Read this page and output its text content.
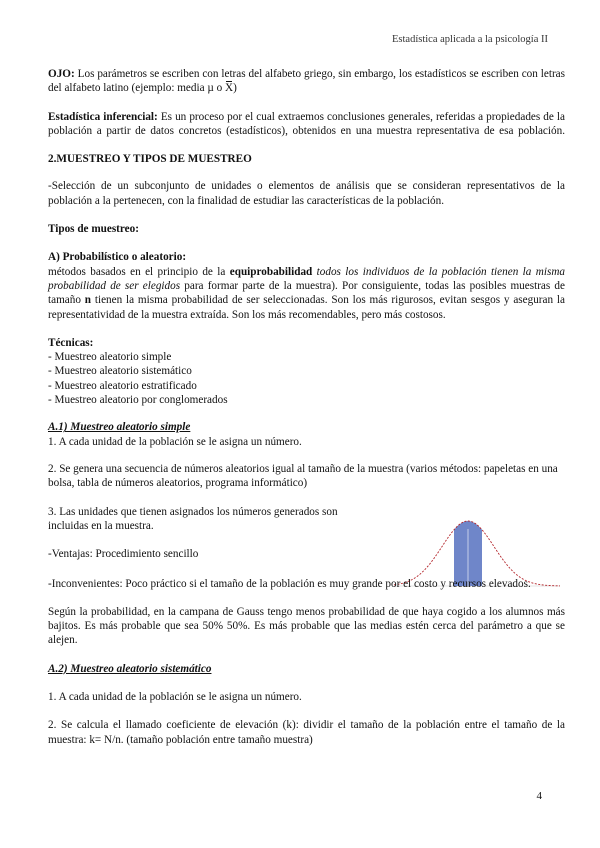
Estadística aplicada a la psicología II

OJO: Los parámetros se escriben con letras del alfabeto griego, sin embargo, los estadísticos se escriben con letras del alfabeto latino (ejemplo: media µ o X)

Estadística inferencial: Es un proceso por el cual extraemos conclusiones generales, referidas a propiedades de la población a partir de datos concretos (estadísticos), obtenidos en una muestra representativa de esa población.

2.MUESTREO Y TIPOS DE MUESTREO

-Selección de un subconjunto de unidades o elementos de análisis que se consideran representativos de la población a la pertenecen, con la finalidad de estudiar las características de la población.

Tipos de muestreo:

A) Probabilístico o aleatorio:

métodos basados en el principio de la equiprobabilidad todos los individuos de la población tienen la misma probabilidad de ser elegidos para formar parte de la muestra). Por consiguiente, todas las posibles muestras de tamaño n tienen la misma probabilidad de ser seleccionadas. Son los más rigurosos, evitan sesgos y aseguran la representatividad de la muestra extraída. Son los más recomendables, pero más costosos.

Técnicas:

- Muestreo aleatorio simple

- Muestreo aleatorio sistemático

- Muestreo aleatorio estratificado

- Muestreo aleatorio por conglomerados

A.1) Muestreo aleatorio simple

1. A cada unidad de la población se le asigna un número.

2. Se genera una secuencia de números aleatorios igual al tamaño de la muestra (varios métodos: papeletas en una bolsa, tabla de números aleatorios, programa informático)

3. Las unidades que tienen asignados los números generados son incluidas en la muestra.

-Ventajas: Procedimiento sencillo

-Inconvenientes: Poco práctico si el tamaño de la población es muy grande por el costo y recursos elevados.

Según la probabilidad, en la campana de Gauss tengo menos probabilidad de que haya cogido a los alumnos más bajitos. Es más probable que sea 50% 50%. Es más probable que las medias estén cerca del parámetro a que se alejen.

A.2) Muestreo aleatorio sistemático

1. A cada unidad de la población se le asigna un número.

2. Se calcula el llamado coeficiente de elevación (k): dividir el tamaño de la población entre el tamaño de la muestra: k= N/n. (tamaño población entre tamaño muestra)

4
